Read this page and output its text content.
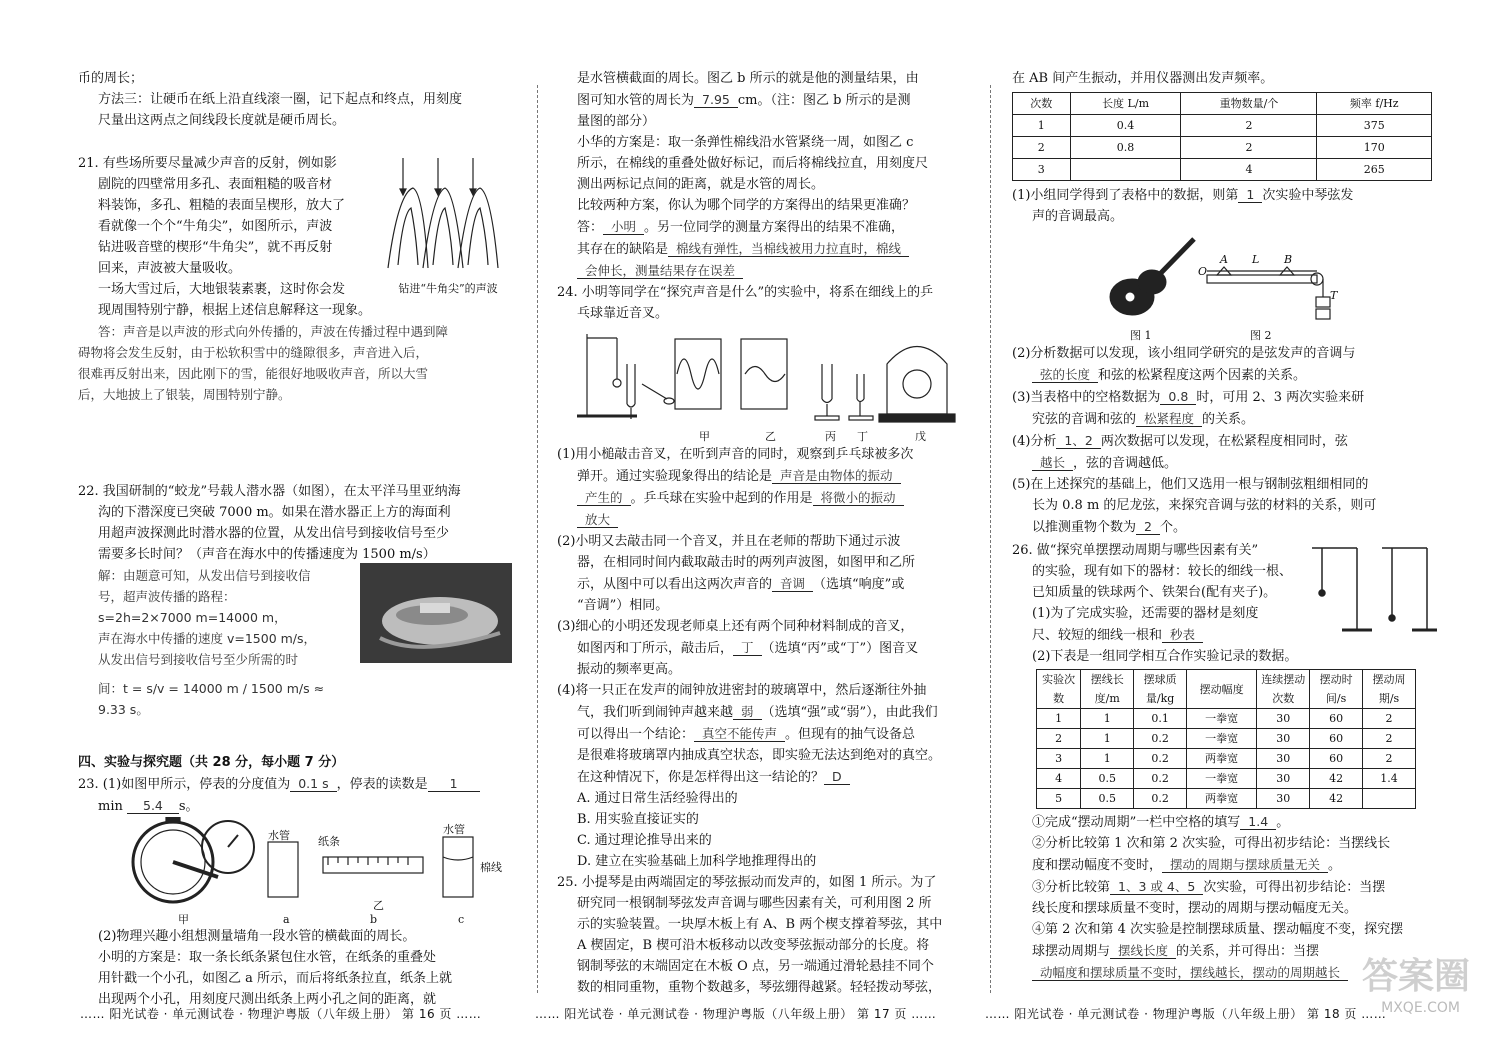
币的周长；

方法三：让硬币在纸上沿直线滚一圈，记下起点和终点，用刻度

尺量出这两点之间线段长度就是硬币周长。

21. 有些场所要尽量减少声音的反射，例如影

剧院的四壁常用多孔、表面粗糙的吸音材

料装饰，多孔、粗糙的表面呈楔形，放大了

看就像一个个“牛角尖”，如图所示，声波

钻进吸音壁的楔形“牛角尖”，就不再反射

回来，声波被大量吸收。

一场大雪过后，大地银装素裹，这时你会发	钻进“牛角尖”的声波

现周围特别宁静，根据上述信息解释这一现象。

答：声音是以声波的形式向外传播的，声波在传播过程中遇到障

碍物将会发生反射，由于松软积雪中的缝隙很多，声音进入后，

很难再反射出来，因此刚下的雪，能很好地吸收声音，所以大雪

后，大地披上了银装，周围特别宁静。

22. 我国研制的“蛟龙”号载人潜水器（如图），在太平洋马里亚纳海

沟的下潜深度已突破 7000 m。如果在潜水器正上方的海面利

用超声波探测此时潜水器的位置，从发出信号到接收信号至少

需要多长时间？（声音在海水中的传播速度为 1500 m/s）

解：由题意可知，从发出信号到接收信

号，超声波传播的路程：

s=2h=2×7000 m=14000 m，

声在海水中传播的速度 v=1500 m/s，

从发出信号到接收信号至少所需的时

间：t = s/v = 14000 m / 1500 m/s ≈ 9.33 s。

四、实验与探究题（共 28 分，每小题 7 分）

23. (1)如图甲所示，停表的分度值为 0.1 s ，停表的读数是 1

min 5.4 s。

水管	纸条
水管
棉线
甲	a	b	c
乙

(2)物理兴趣小组想测量墙角一段水管的横截面的周长。

小明的方案是：取一条长纸条紧包住水管，在纸条的重叠处

用针戳一个小孔，如图乙 a 所示，而后将纸条拉直，纸条上就

出现两个小孔，用刻度尺测出纸条上两小孔之间的距离，就

是水管横截面的周长。图乙 b 所示的就是他的测量结果，由

图可知水管的周长为 7.95 cm。（注：图乙 b 所示的是测

量图的部分）

小华的方案是：取一条弹性棉线沿水管紧绕一周，如图乙 c

所示，在棉线的重叠处做好标记，而后将棉线拉直，用刻度尺

测出两标记点间的距离，就是水管的周长。

比较两种方案，你认为哪个同学的方案得出的结果更准确？

答： 小明 。另一位同学的测量方案得出的结果不准确，

其存在的缺陷是 棉线有弹性，当棉线被用力拉直时，棉线

会伸长，测量结果存在误差

24. 小明等同学在“探究声音是什么”的实验中，将系在细线上的乒

乓球靠近音叉。

甲	乙	丙 丁	戊

(1)用小槌敲击音叉，在听到声音的同时，观察到乒乓球被多次

弹开。通过实验现象得出的结论是 声音是由物体的振动

产生的 。乒乓球在实验中起到的作用是 将微小的振动

放大

(2)小明又去敲击同一个音叉，并且在老师的帮助下通过示波

器，在相同时间内截取敲击时的两列声波图，如图甲和乙所

示，从图中可以看出这两次声音的 音调 （选填“响度”或

“音调”）相同。

(3)细心的小明还发现老师桌上还有两个同种材料制成的音叉，

如图丙和丁所示，敲击后， 丁 （选填“丙”或“丁”）图音叉

振动的频率更高。

(4)将一只正在发声的闹钟放进密封的玻璃罩中，然后逐渐往外抽

气，我们听到闹钟声越来越 弱 （选填“强”或“弱”），由此我们

可以得出一个结论： 真空不能传声 。但现有的抽气设备总

是很难将玻璃罩内抽成真空状态，即实验无法达到绝对的真空。

在这种情况下，你是怎样得出这一结论的？ D

A. 通过日常生活经验得出的

B. 用实验直接证实的

C. 通过理论推导出来的

D. 建立在实验基础上加科学地推理得出的

25. 小提琴是由两端固定的琴弦振动而发声的，如图 1 所示。为了

研究同一根钢制琴弦发声音调与哪些因素有关，可利用图 2 所

示的实验装置。一块厚木板上有 A、B 两个楔支撑着琴弦，其中

A 楔固定，B 楔可沿木板移动以改变琴弦振动部分的长度。将

钢制琴弦的末端固定在木板 O 点，另一端通过滑轮悬挂不同个

数的相同重物，重物个数越多，琴弦绷得越紧。轻轻拨动琴弦，

在 AB 间产生振动，并用仪器测出发声频率。

次数	长度 L/m	重物数量/个	频率 f/Hz
1	0.4	2	375
2	0.8	2	170
3		4	265

(1)小组同学得到了表格中的数据，则第 1 次实验中琴弦发

声的音调最高。

O
A L B
T
图 1	图 2

(2)分析数据可以发现，该小组同学研究的是弦发声的音调与

弦的长度 和弦的松紧程度这两个因素的关系。

(3)当表格中的空格数据为 0.8 时，可用 2、3 两次实验来研

究弦的音调和弦的 松紧程度 的关系。

(4)分析 1、2 两次数据可以发现，在松紧程度相同时，弦

越长 ，弦的音调越低。

(5)在上述探究的基础上，他们又选用一根与钢制弦粗细相同的

长为 0.8 m 的尼龙弦，来探究音调与弦的材料的关系，则可

以推测重物个数为 2 个。

26. 做“探究单摆摆动周期与哪些因素有关”

的实验，现有如下的器材：较长的细线一根、

已知质量的铁球两个、铁架台(配有夹子)。

(1)为了完成实验，还需要的器材是刻度

尺、较短的细线一根和 秒表

(2)下表是一组同学相互合作实验记录的数据。

实验次数	摆线长度/m	摆球质量/kg	摆动幅度	连续摆动次数	摆动时间/s	摆动周期/s
1	1	0.1	一拳宽	30	60	2
2	1	0.2	一拳宽	30	60	2
3	1	0.2	两拳宽	30	60	2
4	0.5	0.2	一拳宽	30	42	1.4
5	0.5	0.2	两拳宽	30	42	

①完成“摆动周期”一栏中空格的填写 1.4 。

②分析比较第 1 次和第 2 次实验，可得出初步结论：当摆线长

度和摆动幅度不变时， 摆动的周期与摆球质量无关 。

③分析比较第 1、3 或 4、5 次实验，可得出初步结论：当摆

线长度和摆球质量不变时，摆动的周期与摆动幅度无关。

④第 2 次和第 4 次实验是控制摆球质量、摆动幅度不变，探究摆

球摆动周期与 摆线长度 的关系，并可得出：当摆

动幅度和摆球质量不变时，摆线越长，摆动的周期越长

…… 阳光试卷 · 单元测试卷 · 物理沪粤版（八年级上册） 第 16 页 ……	…… 阳光试卷 · 单元测试卷 · 物理沪粤版（八年级上册） 第 17 页 ……	…… 阳光试卷 · 单元测试卷 · 物理沪粤版（八年级上册） 第 18 页 ……
答案圈
MXQE.COM
